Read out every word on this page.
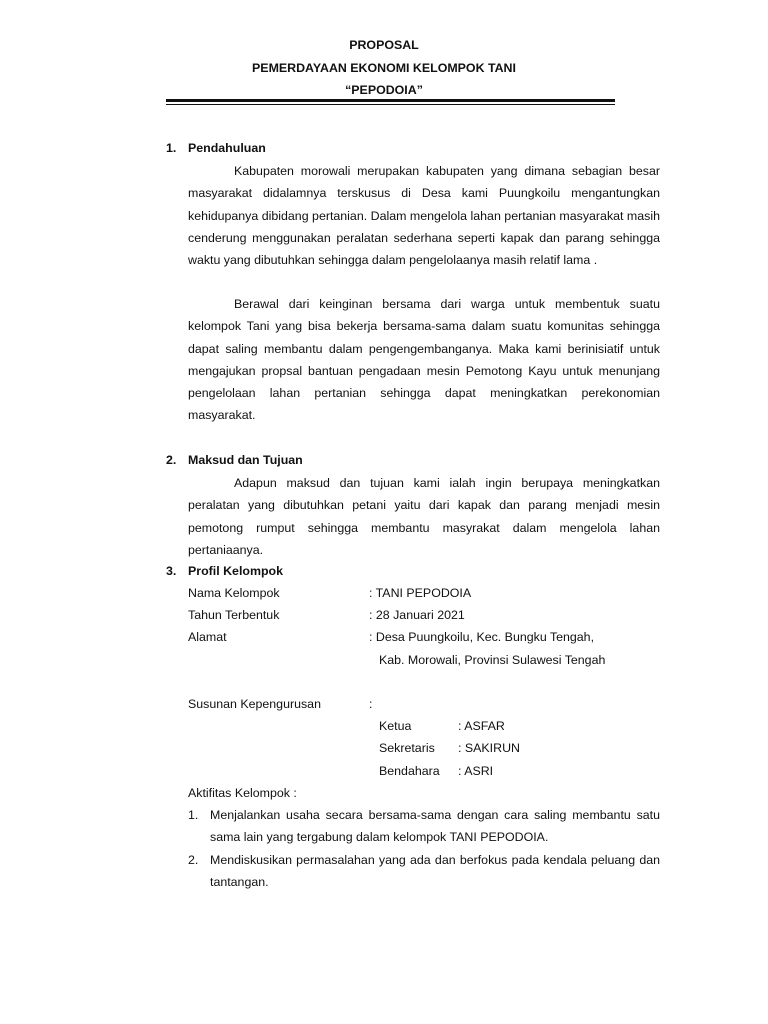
PROPOSAL
PEMERDAYAAN EKONOMI KELOMPOK TANI
“PEPODOIA”
1. Pendahuluan

Kabupaten morowali merupakan kabupaten yang dimana sebagian besar masyarakat didalamnya terskusus di Desa kami Puungkoilu mengantungkan kehidupanya dibidang pertanian. Dalam mengelola lahan pertanian masyarakat masih cenderung menggunakan peralatan sederhana seperti kapak dan parang sehingga waktu yang dibutuhkan sehingga dalam pengelolaanya masih relatif lama .

Berawal dari keinginan bersama dari warga untuk membentuk suatu kelompok Tani yang bisa bekerja bersama-sama dalam suatu komunitas sehingga dapat saling membantu dalam pengengembanganya. Maka kami berinisiatif untuk mengajukan propsal bantuan pengadaan mesin Pemotong Kayu untuk menunjang pengelolaan lahan pertanian sehingga dapat meningkatkan perekonomian masyarakat.

2. Maksud dan Tujuan

Adapun maksud dan tujuan kami ialah ingin berupaya meningkatkan peralatan yang dibutuhkan petani yaitu dari kapak dan parang menjadi mesin pemotong rumput sehingga membantu masyrakat dalam mengelola lahan pertaniaanya.

3. Profil Kelompok
Nama Kelompok	: TANI PEPODOIA
Tahun Terbentuk	: 28 Januari 2021
Alamat	: Desa Puungkoilu, Kec. Bungku Tengah,
Kab. Morowali, Provinsi Sulawesi Tengah
Susunan Kepengurusan	:
Ketua	: ASFAR
Sekretaris : SAKIRUN
Bendahara : ASRI
Aktifitas Kelompok :
1. Menjalankan usaha secara bersama-sama dengan cara saling membantu satu sama lain yang tergabung dalam kelompok TANI PEPODOIA.

2. Mendiskusikan permasalahan yang ada dan berfokus pada kendala peluang dan tantangan.
